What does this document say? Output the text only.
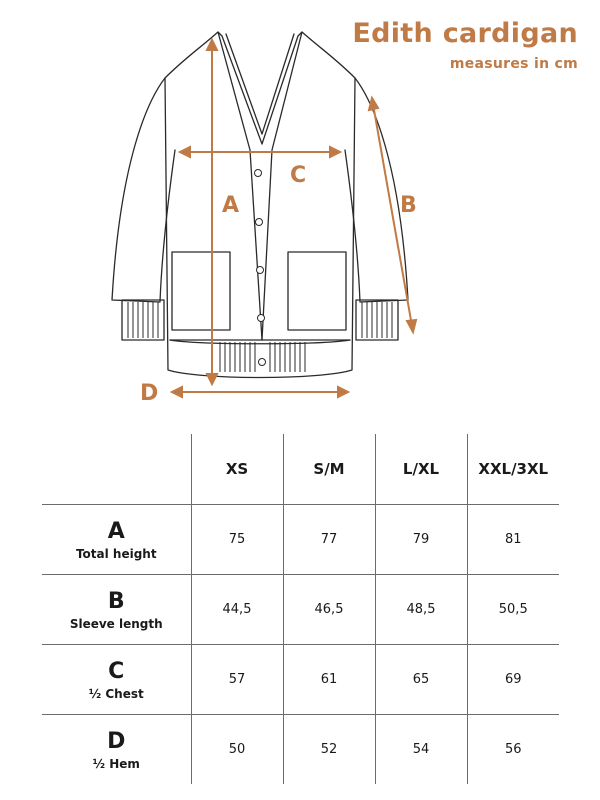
Edith cardigan
measures in cm
A
C
B
D
	XS	S/M	L/XL	XXL/3XL

A
Total height	75	77	79	81

B
Sleeve length	44,5	46,5	48,5	50,5

C
½ Chest	57	61	65	69

D
½ Hem	50	52	54	56
